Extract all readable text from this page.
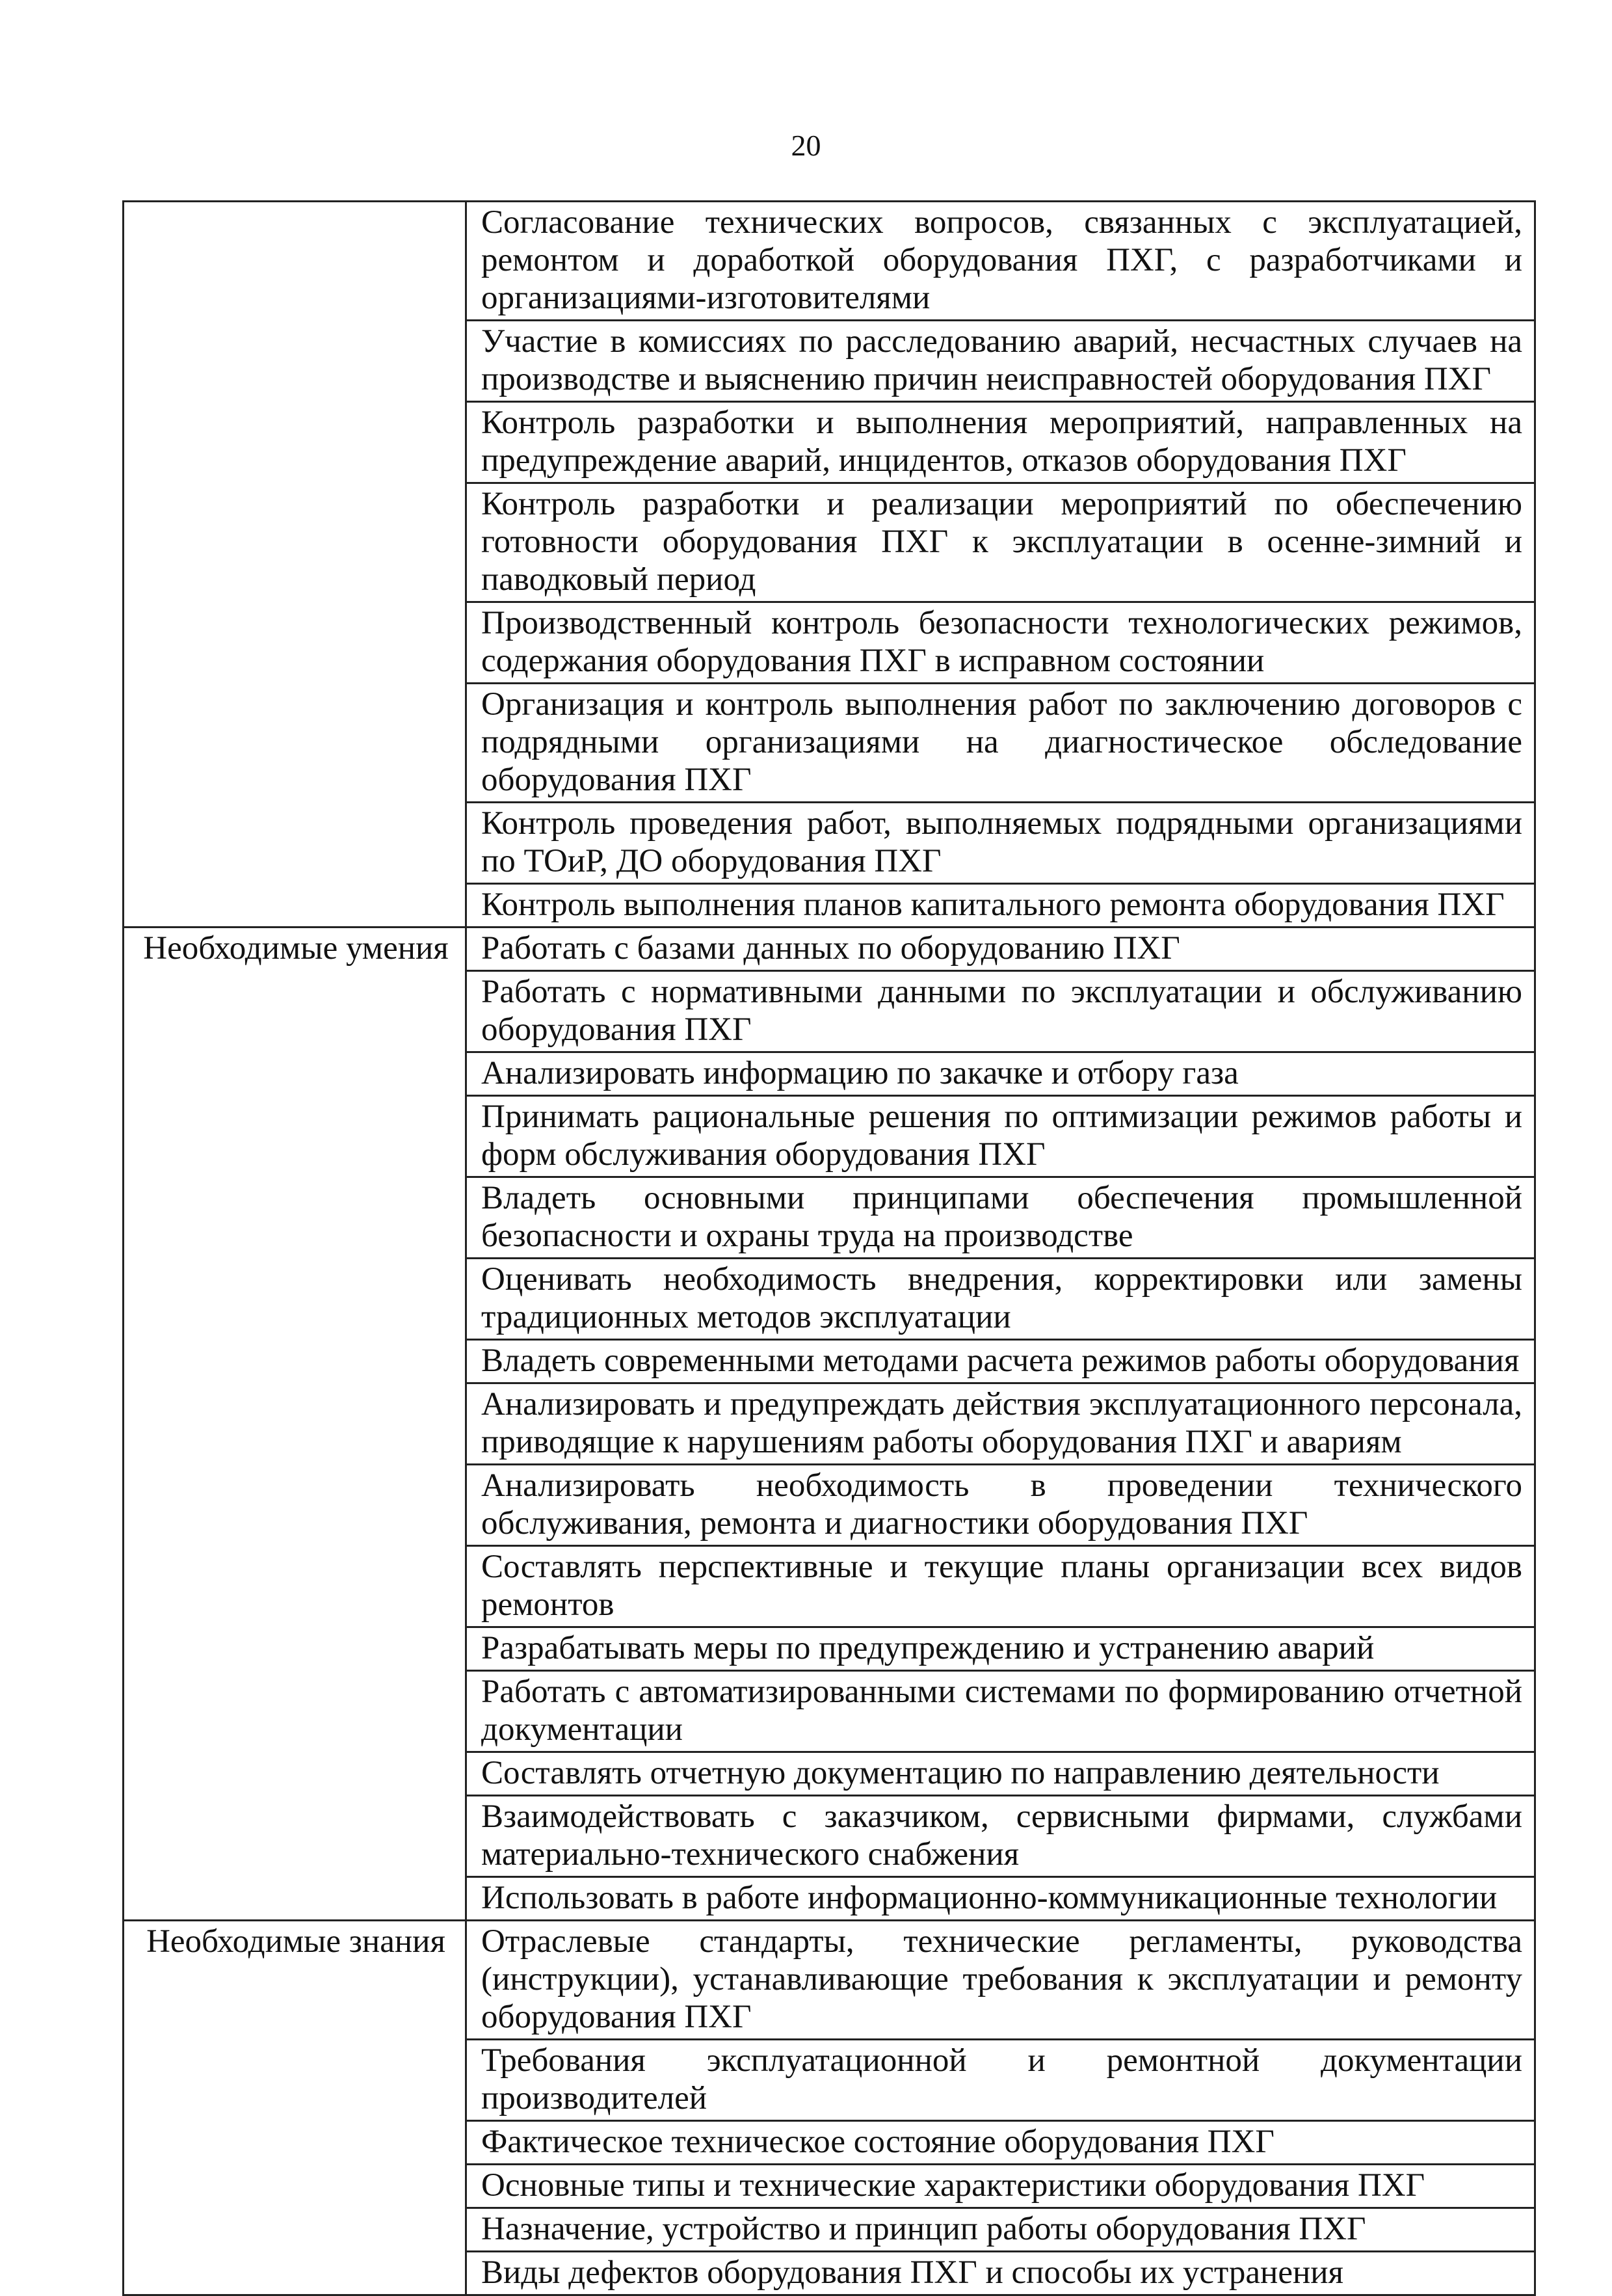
20
	Согласование технических вопросов, связанных с эксплуатацией, ремонтом и доработкой оборудования ПХГ, с разработчиками и организациями-изготовителями
	Участие в комиссиях по расследованию аварий, несчастных случаев на производстве и выяснению причин неисправностей оборудования ПХГ
	Контроль разработки и выполнения мероприятий, направленных на предупреждение аварий, инцидентов, отказов оборудования ПХГ
	Контроль разработки и реализации мероприятий по обеспечению готовности оборудования ПХГ к эксплуатации в осенне-зимний и паводковый период
	Производственный контроль безопасности технологических режимов, содержания оборудования ПХГ в исправном состоянии
	Организация и контроль выполнения работ по заключению договоров с подрядными организациями на диагностическое обследование оборудования ПХГ
	Контроль проведения работ, выполняемых подрядными организациями по ТОиР, ДО оборудования ПХГ
	Контроль выполнения планов капитального ремонта оборудования ПХГ
Необходимые умения	Работать с базами данных по оборудованию ПХГ
	Работать с нормативными данными по эксплуатации и обслуживанию оборудования ПХГ
	Анализировать информацию по закачке и отбору газа
	Принимать рациональные решения по оптимизации режимов работы и форм обслуживания оборудования ПХГ
	Владеть основными принципами обеспечения промышленной безопасности и охраны труда на производстве
	Оценивать необходимость внедрения, корректировки или замены традиционных методов эксплуатации
	Владеть современными методами расчета режимов работы оборудования
	Анализировать и предупреждать действия эксплуатационного персонала, приводящие к нарушениям работы оборудования ПХГ и авариям
	Анализировать необходимость в проведении технического обслуживания, ремонта и диагностики оборудования ПХГ
	Составлять перспективные и текущие планы организации всех видов ремонтов
	Разрабатывать меры по предупреждению и устранению аварий
	Работать с автоматизированными системами по формированию отчетной документации
	Составлять отчетную документацию по направлению деятельности
	Взаимодействовать с заказчиком, сервисными фирмами, службами материально-технического снабжения
	Использовать в работе информационно-коммуникационные технологии
Необходимые знания	Отраслевые стандарты, технические регламенты, руководства (инструкции), устанавливающие требования к эксплуатации и ремонту оборудования ПХГ
	Требования эксплуатационной и ремонтной документации производителей
	Фактическое техническое состояние оборудования ПХГ
	Основные типы и технические характеристики оборудования ПХГ
	Назначение, устройство и принцип работы оборудования ПХГ
	Виды дефектов оборудования ПХГ и способы их устранения
